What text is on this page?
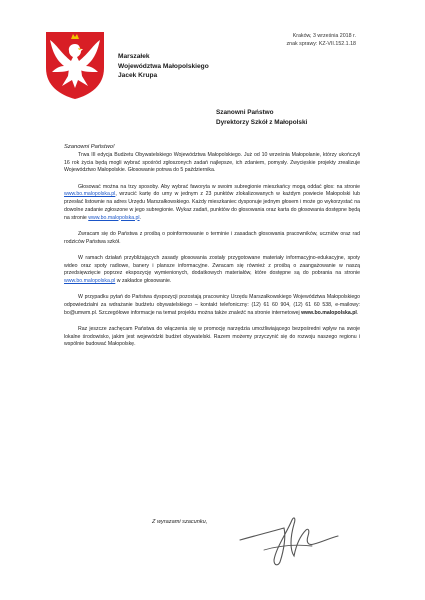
Marszałek
Województwa Małopolskiego
Jacek Krupa
Kraków, 3 września 2018 r.
znak sprawy: KZ-VII.152.1.18
Szanowni Państwo
Dyrektorzy Szkół z Małopolski
Szanowni Państwo!

Trwa III edycja Budżetu Obywatelskiego Województwa Małopolskiego. Już od 10 września Małopolanie, którzy ukończyli 16 rok życia będą mogli wybrać spośród zgłoszonych zadań najlepsze, ich zdaniem, pomysły. Zwycięskie projekty zrealizuje Województwo Małopolskie. Głosowanie potrwa do 5 października.

Głosować można na trzy sposoby. Aby wybrać faworyta w swoim subregionie mieszkańcy mogą oddać głos: na stronie www.bo.malopolska.pl, wrzucić kartę do urny w jednym z 23 punktów zlokalizowanych w każdym powiecie Małopolski lub przesłać listownie na adres Urzędu Marszałkowskiego. Każdy mieszkaniec dysponuje jednym głosem i może go wykorzystać na dowolne zadanie zgłoszone w jego subregionie. Wykaz zadań, punktów do głosowania oraz karta do głosowania dostępne będą na stronie www.bo.malopolska.pl.

Zwracam się do Państwa z prośbą o poinformowanie o terminie i zasadach głosowania pracowników, uczniów oraz rad rodziców Państwa szkół.

W ramach działań przybliżających zasady głosowania zostały przygotowane materiały informacyjno-edukacyjne, spoty wideo oraz spoty radiowe, banery i plansze informacyjne. Zwracam się również z prośbą o zaangażowanie w naszą przedsięwzięcie poprzez ekspozycję wymienionych, dodatkowych materiałów, które dostępne są do pobrania na stronie www.bo.malopolska.pl w zakładce głosowanie.

W przypadku pytań do Państwa dyspozycji pozostają pracownicy Urzędu Marszałkowskiego Województwa Małopolskiego odpowiedzialni za wdrażanie budżetu obywatelskiego – kontakt telefoniczny: (12) 61 60 904, (12) 61 60 538, e-mailowy: bo@umwm.pl. Szczegółowe informacje na temat projektu można także znaleźć na stronie internetowej www.bo.malopolska.pl.

Raz jeszcze zachęcam Państwa do włączenia się w promocję narzędzia umożliwiającego bezpośredni wpływ na swoje lokalne środowisko, jakim jest wojewódzki budżet obywatelski. Razem możemy przyczynić się do rozwoju naszego regionu i wspólnie budować Małopolskę.

Z wyrazami szacunku,
